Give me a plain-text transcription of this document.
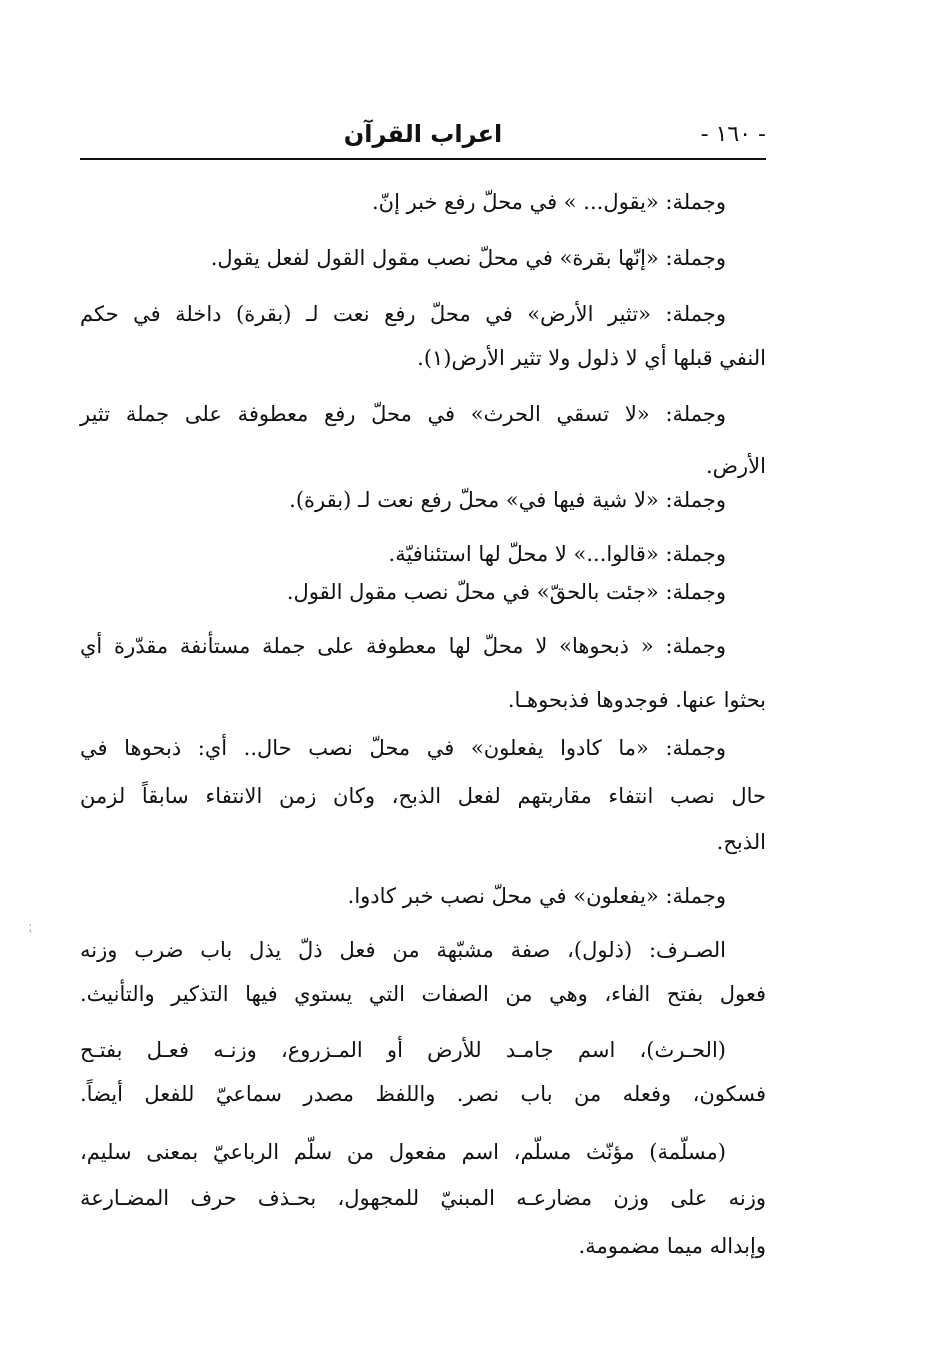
- ١٦٠ -
اعراب القرآن
وجملة: «يقول... » في محلّ رفع خبر إنّ.
وجملة: «إنّها بقرة» في محلّ نصب مقول القول لفعل يقول.
وجملة: «تثير الأرض» في محلّ رفع نعت لـ (بقرة) داخلة في حكم
النفي قبلها أي لا ذلول ولا تثير الأرض(١).
وجملة: «لا تسقي الحرث» في محلّ رفع معطوفة على جملة تثير
الأرض.
وجملة: «لا شية فيها في» محلّ رفع نعت لـ (بقرة).
وجملة: «قالوا...» لا محلّ لها استئنافيّة.
وجملة: «جئت بالحقّ» في محلّ نصب مقول القول.
وجملة: « ذبحوها» لا محلّ لها معطوفة على جملة مستأنفة مقدّرة أي
بحثوا عنها. فوجدوها فذبحوهـا.
وجملة: «ما كادوا يفعلون» في محلّ نصب حال.. أي: ذبحوها في
حال نصب انتفاء مقاربتهم لفعل الذبح، وكان زمن الانتفاء سابقاً لزمن
الذبح.
وجملة: «يفعلون» في محلّ نصب خبر كادوا.
الصـرف: (ذلول)، صفة مشبّهة من فعل ذلّ يذل باب ضرب وزنه
فعول بفتح الفاء، وهي من الصفات التي يستوي فيها التذكير والتأنيث.
(الحـرث)، اسم جامـد للأرض أو المـزروع، وزنـه فعـل بفتـح
فسكون، وفعله من باب نصر. واللفظ مصدر سماعيّ للفعل أيضاً.
(مسلّمة) مؤنّث مسلّم، اسم مفعول من سلّم الرباعيّ بمعنى سليم،
وزنه على وزن مضارعـه المبنيّ للمجهول، بحـذف حرف المضـارعة
وإبداله ميما مضمومة.
⁏
